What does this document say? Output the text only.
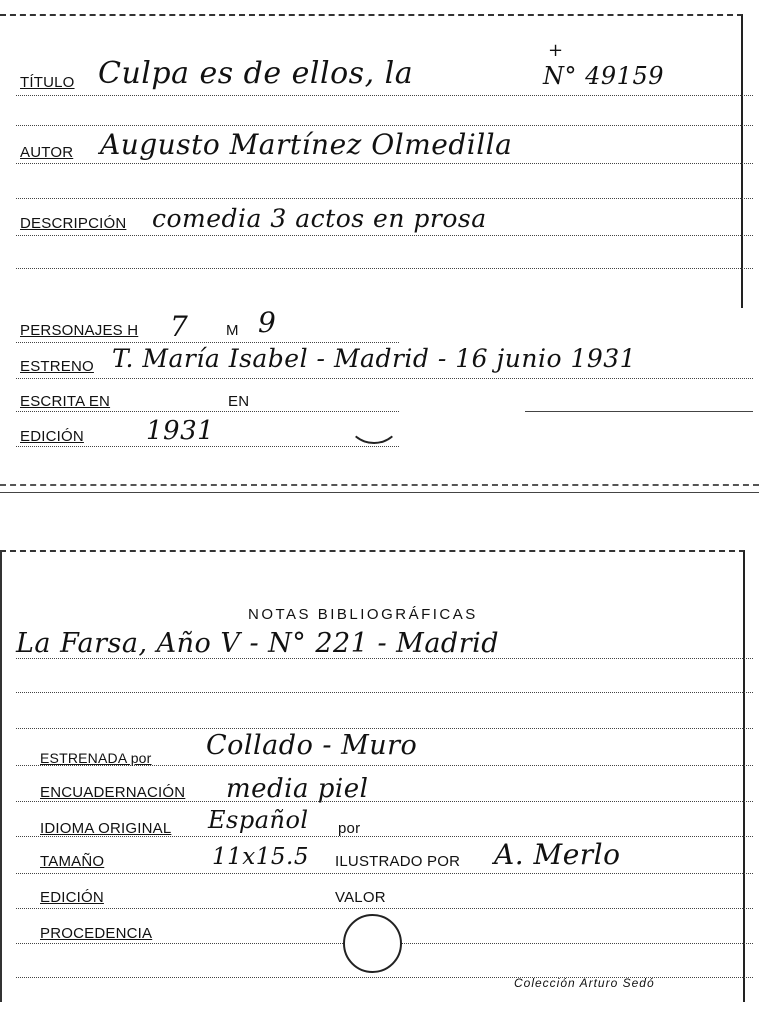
TÍTULO Culpa es de ellos, la
+
N° 49159
AUTOR Augusto Martínez Olmedilla
DESCRIPCIÓN comedia 3 actos en prosa
PERSONAJES H 7	M 9
ESTRENO T. María Isabel - Madrid - 16 junio 1931
ESCRITA EN	EN
EDICIÓN 1931
NOTAS BIBLIOGRÁFICAS
La Farsa, Año V - N° 221 - Madrid
ESTRENADA por Collado - Muro
ENCUADERNACIÓN media piel
IDIOMA ORIGINAL Español por
TAMAÑO	11x15.5 ILUSTRADO POR A. Merlo
EDICIÓN	VALOR
PROCEDENCIA
Colección Arturo Sedó
